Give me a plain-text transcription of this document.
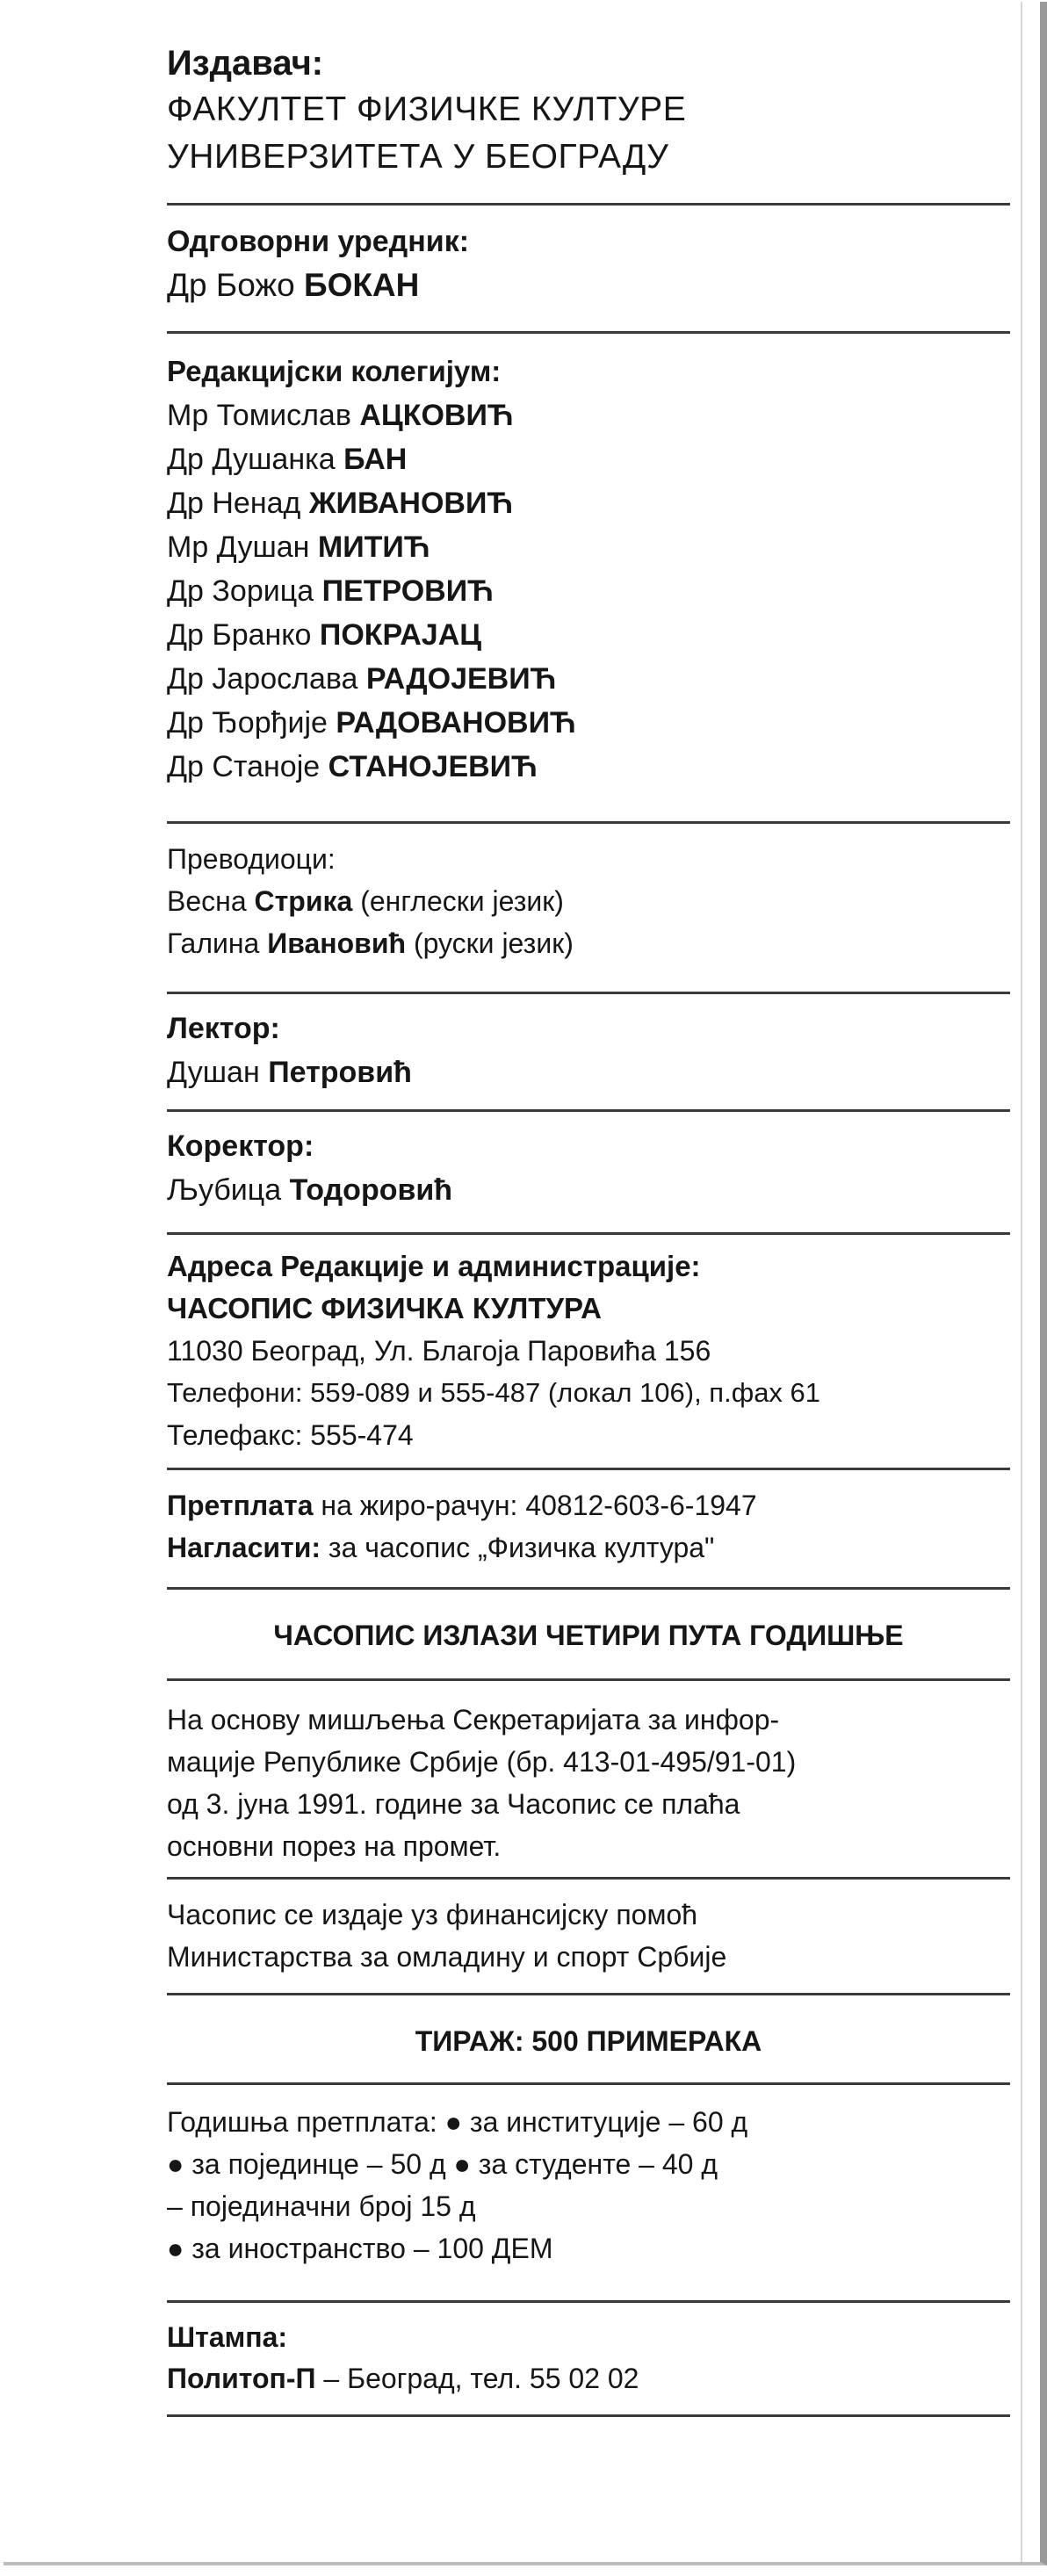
Издавач:
ФАКУЛТЕТ ФИЗИЧКЕ КУЛТУРЕ
УНИВЕРЗИТЕТА У БЕОГРАДУ
Одговорни уредник:
Др Божо БОКАН
Редакцијски колегијум:
Мр Томислав АЦКОВИЋ
Др Душанка БАН
Др Ненад ЖИВАНОВИЋ
Мр Душан МИТИЋ
Др Зорица ПЕТРОВИЋ
Др Бранко ПОКРАЈАЦ
Др Јарослава РАДОЈЕВИЋ
Др Ђорђије РАДОВАНОВИЋ
Др Станоје СТАНОЈЕВИЋ
Преводиоци:
Весна Стрика (енглески језик)
Галина Ивановић (руски језик)
Лектор:
Душан Петровић
Коректор:
Љубица Тодоровић
Адреса Редакције и администрације:
ЧАСОПИС ФИЗИЧКА КУЛТУРА
11030 Београд, Ул. Благоја Паровића 156
Телефони: 559-089 и 555-487 (локал 106), п.фах 61
Телефакс: 555-474
Претплата на жиро-рачун: 40812-603-6-1947
Нагласити: за часопис „Физичка култура"
ЧАСОПИС ИЗЛАЗИ ЧЕТИРИ ПУТА ГОДИШЊЕ
На основу мишљења Секретаријата за инфор-
мације Републике Србије (бр. 413-01-495/91-01)
од 3. јуна 1991. године за Часопис се плаћа
основни порез на промет.
Часопис се издаје уз финансијску помоћ
Министарства за омладину и спорт Србије
ТИРАЖ: 500 ПРИМЕРАКА
Годишња претплата: ● за институције – 60 д
● за појединце – 50 д ● за студенте – 40 д
– појединачни број 15 д
● за иностранство – 100 ДЕМ
Штампа:
Политоп-П – Београд, тел. 55 02 02
